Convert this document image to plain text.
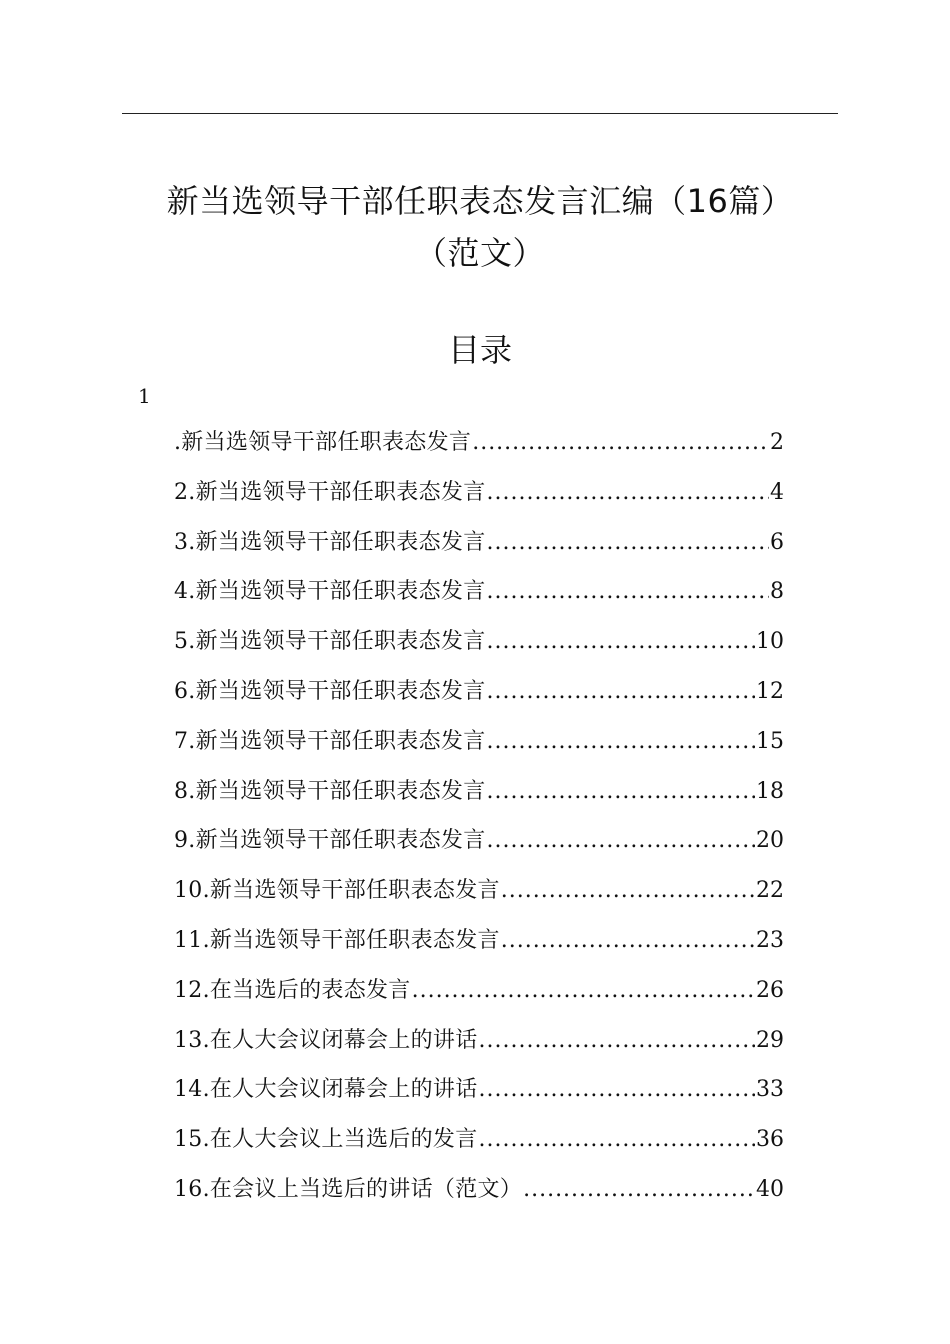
新当选领导干部任职表态发言汇编（16篇）
（范文）
目录
1
.新当选领导干部任职表态发言 .....	2
2.新当选领导干部任职表态发言 .....	4
3.新当选领导干部任职表态发言 .....	6
4.新当选领导干部任职表态发言 .....	8
5.新当选领导干部任职表态发言 .....	10
6.新当选领导干部任职表态发言 .....	12
7.新当选领导干部任职表态发言 .....	15
8.新当选领导干部任职表态发言 .....	18
9.新当选领导干部任职表态发言 .....	20
10.新当选领导干部任职表态发言 .....	22
11.新当选领导干部任职表态发言 .....	23
12.在当选后的表态发言 .....	26
13.在人大会议闭幕会上的讲话 .....	29
14.在人大会议闭幕会上的讲话 .....	33
15.在人大会议上当选后的发言 .....	36
16.在会议上当选后的讲话（范文） .....	40
